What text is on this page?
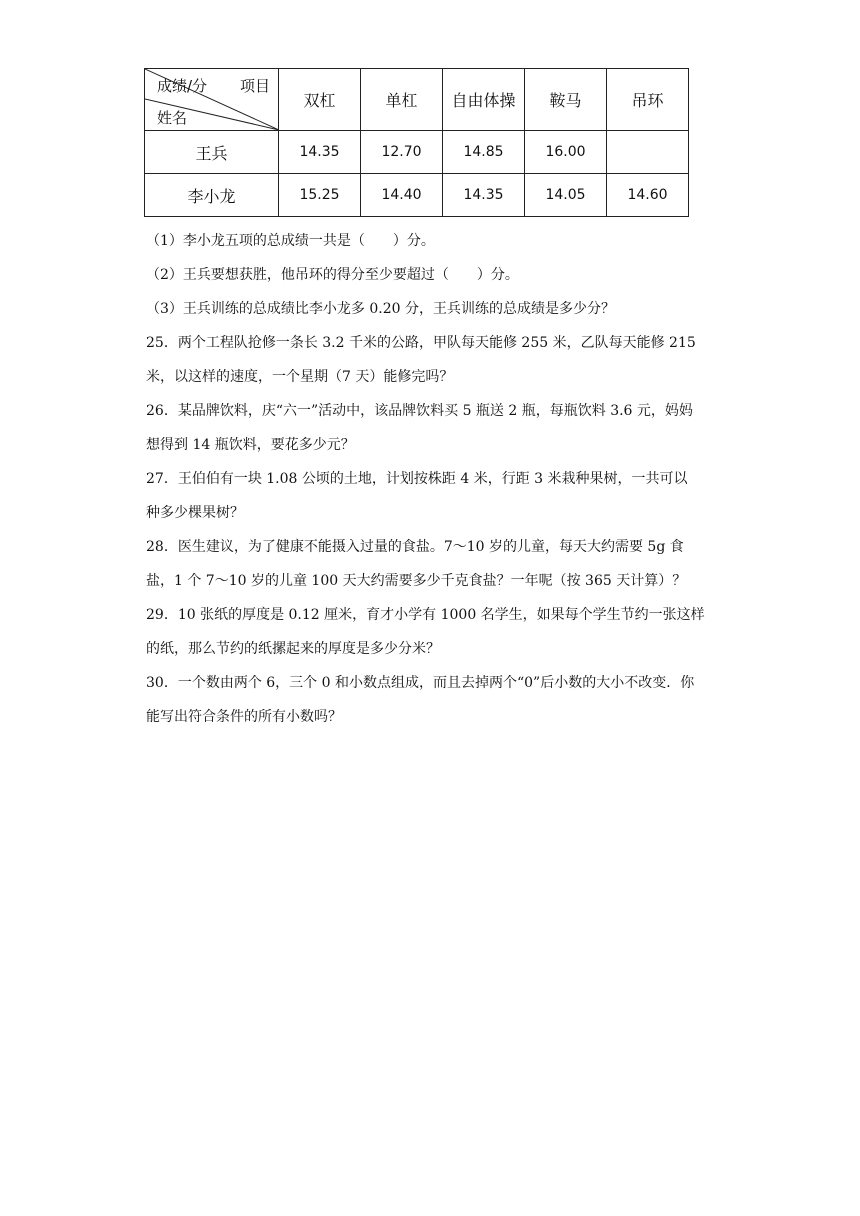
成绩/分 项目
姓名	双杠	单杠	自由体操	鞍马	吊环
王兵	14.35	12.70	14.85	16.00	
李小龙	15.25	14.40	14.35	14.05	14.60
（1）李小龙五项的总成绩一共是（　　）分。
（2）王兵要想获胜，他吊环的得分至少要超过（　　）分。
（3）王兵训练的总成绩比李小龙多 0.20 分，王兵训练的总成绩是多少分？
25．两个工程队抢修一条长 3.2 千米的公路，甲队每天能修 255 米，乙队每天能修 215
米，以这样的速度，一个星期（7 天）能修完吗？
26．某品牌饮料，庆“六一”活动中，该品牌饮料买 5 瓶送 2 瓶，每瓶饮料 3.6 元，妈妈
想得到 14 瓶饮料，要花多少元？
27．王伯伯有一块 1.08 公顷的土地，计划按株距 4 米，行距 3 米栽种果树，一共可以
种多少棵果树？
28．医生建议，为了健康不能摄入过量的食盐。7～10 岁的儿童，每天大约需要 5g 食
盐，1 个 7～10 岁的儿童 100 天大约需要多少千克食盐？一年呢（按 365 天计算）？
29．10 张纸的厚度是 0.12 厘米，育才小学有 1000 名学生，如果每个学生节约一张这样
的纸，那么节约的纸摞起来的厚度是多少分米？
30．一个数由两个 6，三个 0 和小数点组成，而且去掉两个“0”后小数的大小不改变．你
能写出符合条件的所有小数吗？
